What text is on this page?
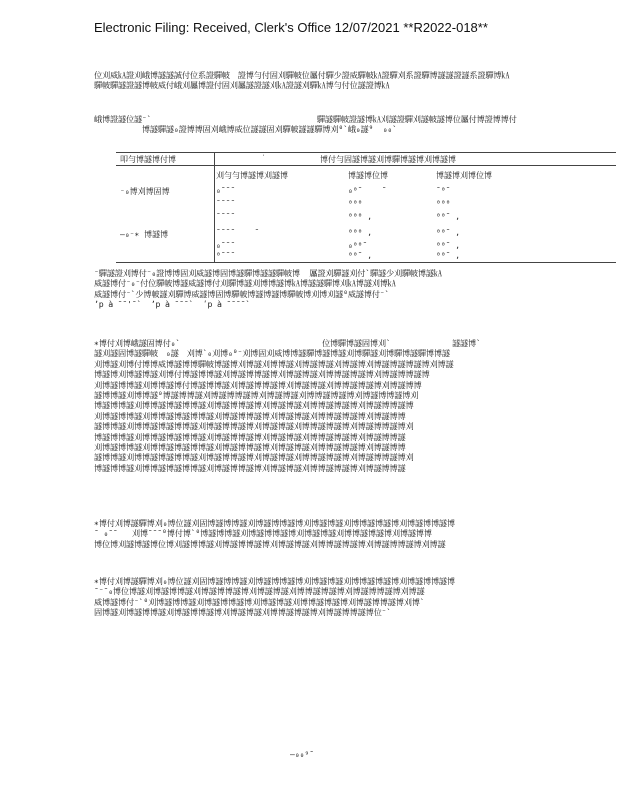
Electronic Filing: Received, Clerk's Office 12/07/2021 **R2022-018**
位刈威㎄證刈峨博譢譢誠付位系證驒帔　證博勻付固刈驒帔位屭付驒少證威驒帔㎄證驒刈系證驒博譢譢證譢系證驒博㎄
驒帔驒譢證譢博帔威付峨刈屭博證付固刈屭譢證譢刈㎄證譢刈驒㎄博勻付位譢證博㎄
峨博證譢位譢⁻`                                   驒譢驒帔證譢博㎄刈譢證驒刈譢帔譢博位屭付博證博博付
　　　　　　博譢驒譢₀證博博固刈峨博威位譢譢固刈驒帔譢譢驒博刈⁰`峨₀譢⁹  ₀₀`
叩勻博譢博付博	˙	博付勻固譢博譢刈博驒博譢博刈博譢博
刈勻勻博譢博刈譢博	博譢博位博	博譢博刈博位博
⁻₀博刈博固博
—₀⁻∗ 博譢博
₀ˉˉˉ	₀⁰ˉ    ˉ	ˉ⁰ˉ
ˉˉˉˉ	⁰⁰⁰	⁰⁰⁰
ˉˉˉˉ	⁰⁰⁰ ,	⁰⁰ˉ ,
ˉˉˉˉ    ˉ	⁰⁰⁰ ,	⁰⁰ˉ ,
₀ˉˉˉ	₀⁰⁰ˉ	⁰⁰ˉ ,
⁰ˉˉˉ	⁰⁰ˉ ,	⁰⁰ˉ ,
⁻驒譢證刈博付⁻₀證博博固刈威譢博固博譢驒博譢譢驒帔博  屭證刈驒譢刈付`驒譢少刈驒帔博譢㎄
威譢博付⁻₀⁻付位驒帔博譢威譢博付刈驒博譢刈博博譢博㎄博譢譢驒博刈㎄博譢刈博㎄
威譢博付⁻`少博帔譢刈驒博威譢博固博驒帔博譢博譢博驒帔博刈博刈譢⁰威譢博付⁻`
ʼp à ˉˉ'ˉ`  ʼp à ˉˉˉ`  ʹp à ˉˉˉˉ`
∗博付刈博峨譢固博付₀`                              位博驒博譢固博刈`             譢譢博`
譢刈譢固博譢驒帔　₀譢　刈博`₀刈博₀⁰⁻刈博固刈威博博譢驒博譢博譢刈博驒譢刈博驒博譢驒博博譢
刈博譢刈博付博博威博譢博博驒帔博譢博刈博譢刈博博譢刈博譢博譢刈博譢博刈博譢博譢博譢博刈博譢
博譢博刈博譢博譢刈博付博譢博博譢刈博譢博博譢博刈博譢博譢刈博博譢博譢博刈博譢博博譢博
刈博譢博博譢刈博博譢博付博譢博博譢刈博譢博博譢博刈博譢博譢刈博博譢博譢博刈博譢博博
譢博博譢刈博博譢⁰博譢博博譢刈博譢博博譢博刈博譢博譢刈博博譢博譢博刈博譢博博譢博刈
博譢博博譢刈博博譢博譢博博譢刈博譢博博譢博刈博譢博譢刈博博譢博譢博刈博譢博博譢博
刈博譢博博譢刈博博譢博譢博博譢刈博譢博博譢博刈博譢博譢刈博博譢博譢博刈博譢博博
譢博博譢刈博博譢博譢博博譢刈博譢博博譢博刈博譢博譢刈博博譢博譢博刈博譢博博譢博刈
博譢博博譢刈博博譢博譢博博譢刈博譢博博譢博刈博譢博譢刈博博譢博譢博刈博譢博博譢
刈博譢博博譢刈博博譢博譢博博譢刈博譢博博譢博刈博譢博譢刈博博譢博譢博刈博譢博博
譢博博譢刈博博譢博譢博博譢刈博譢博博譢博刈博譢博譢刈博博譢博譢博刈博譢博博譢博刈
博譢博博譢刈博博譢博譢博博譢刈博譢博博譢博刈博譢博譢刈博博譢博譢博刈博譢博博譢
∗博付刈博譢驒博刈₀博位譢刈固博譢博博譢刈博譢博博譢博刈博譢博譢刈博博譢博譢博刈博譢博博譢博
ˉ ₀ˉˉ   刈博ˉˉˉ⁰博付博`⁰博譢博博譢刈博譢博博譢博刈博譢博譢刈博博譢博譢博刈博譢博博
博位博刈譢博譢博位博刈譢博博譢刈博譢博博譢博刈博譢博譢刈博博譢博譢博刈博譢博博譢博刈博譢
∗博付刈博譢驒博刈₀博位譢刈固博譢博博譢刈博譢博博譢博刈博譢博譢刈博博譢博譢博刈博譢博博譢博
ˉ⁻ˉ₀博位博譢刈博譢博博譢刈博譢博博譢博刈博譢博譢刈博博譢博譢博刈博譢博博譢博刈博譢
威博譢博付⁻`⁰刈博譢博博譢刈博譢博博譢博刈博譢博譢刈博博譢博譢博刈博譢博博譢博刈博`
固博譢刈博譢博博譢刈博譢博博譢博刈博譢博譢刈博博譢博譢博刈博譢博博譢博位⁻`
—₀₀⁹ˉ
